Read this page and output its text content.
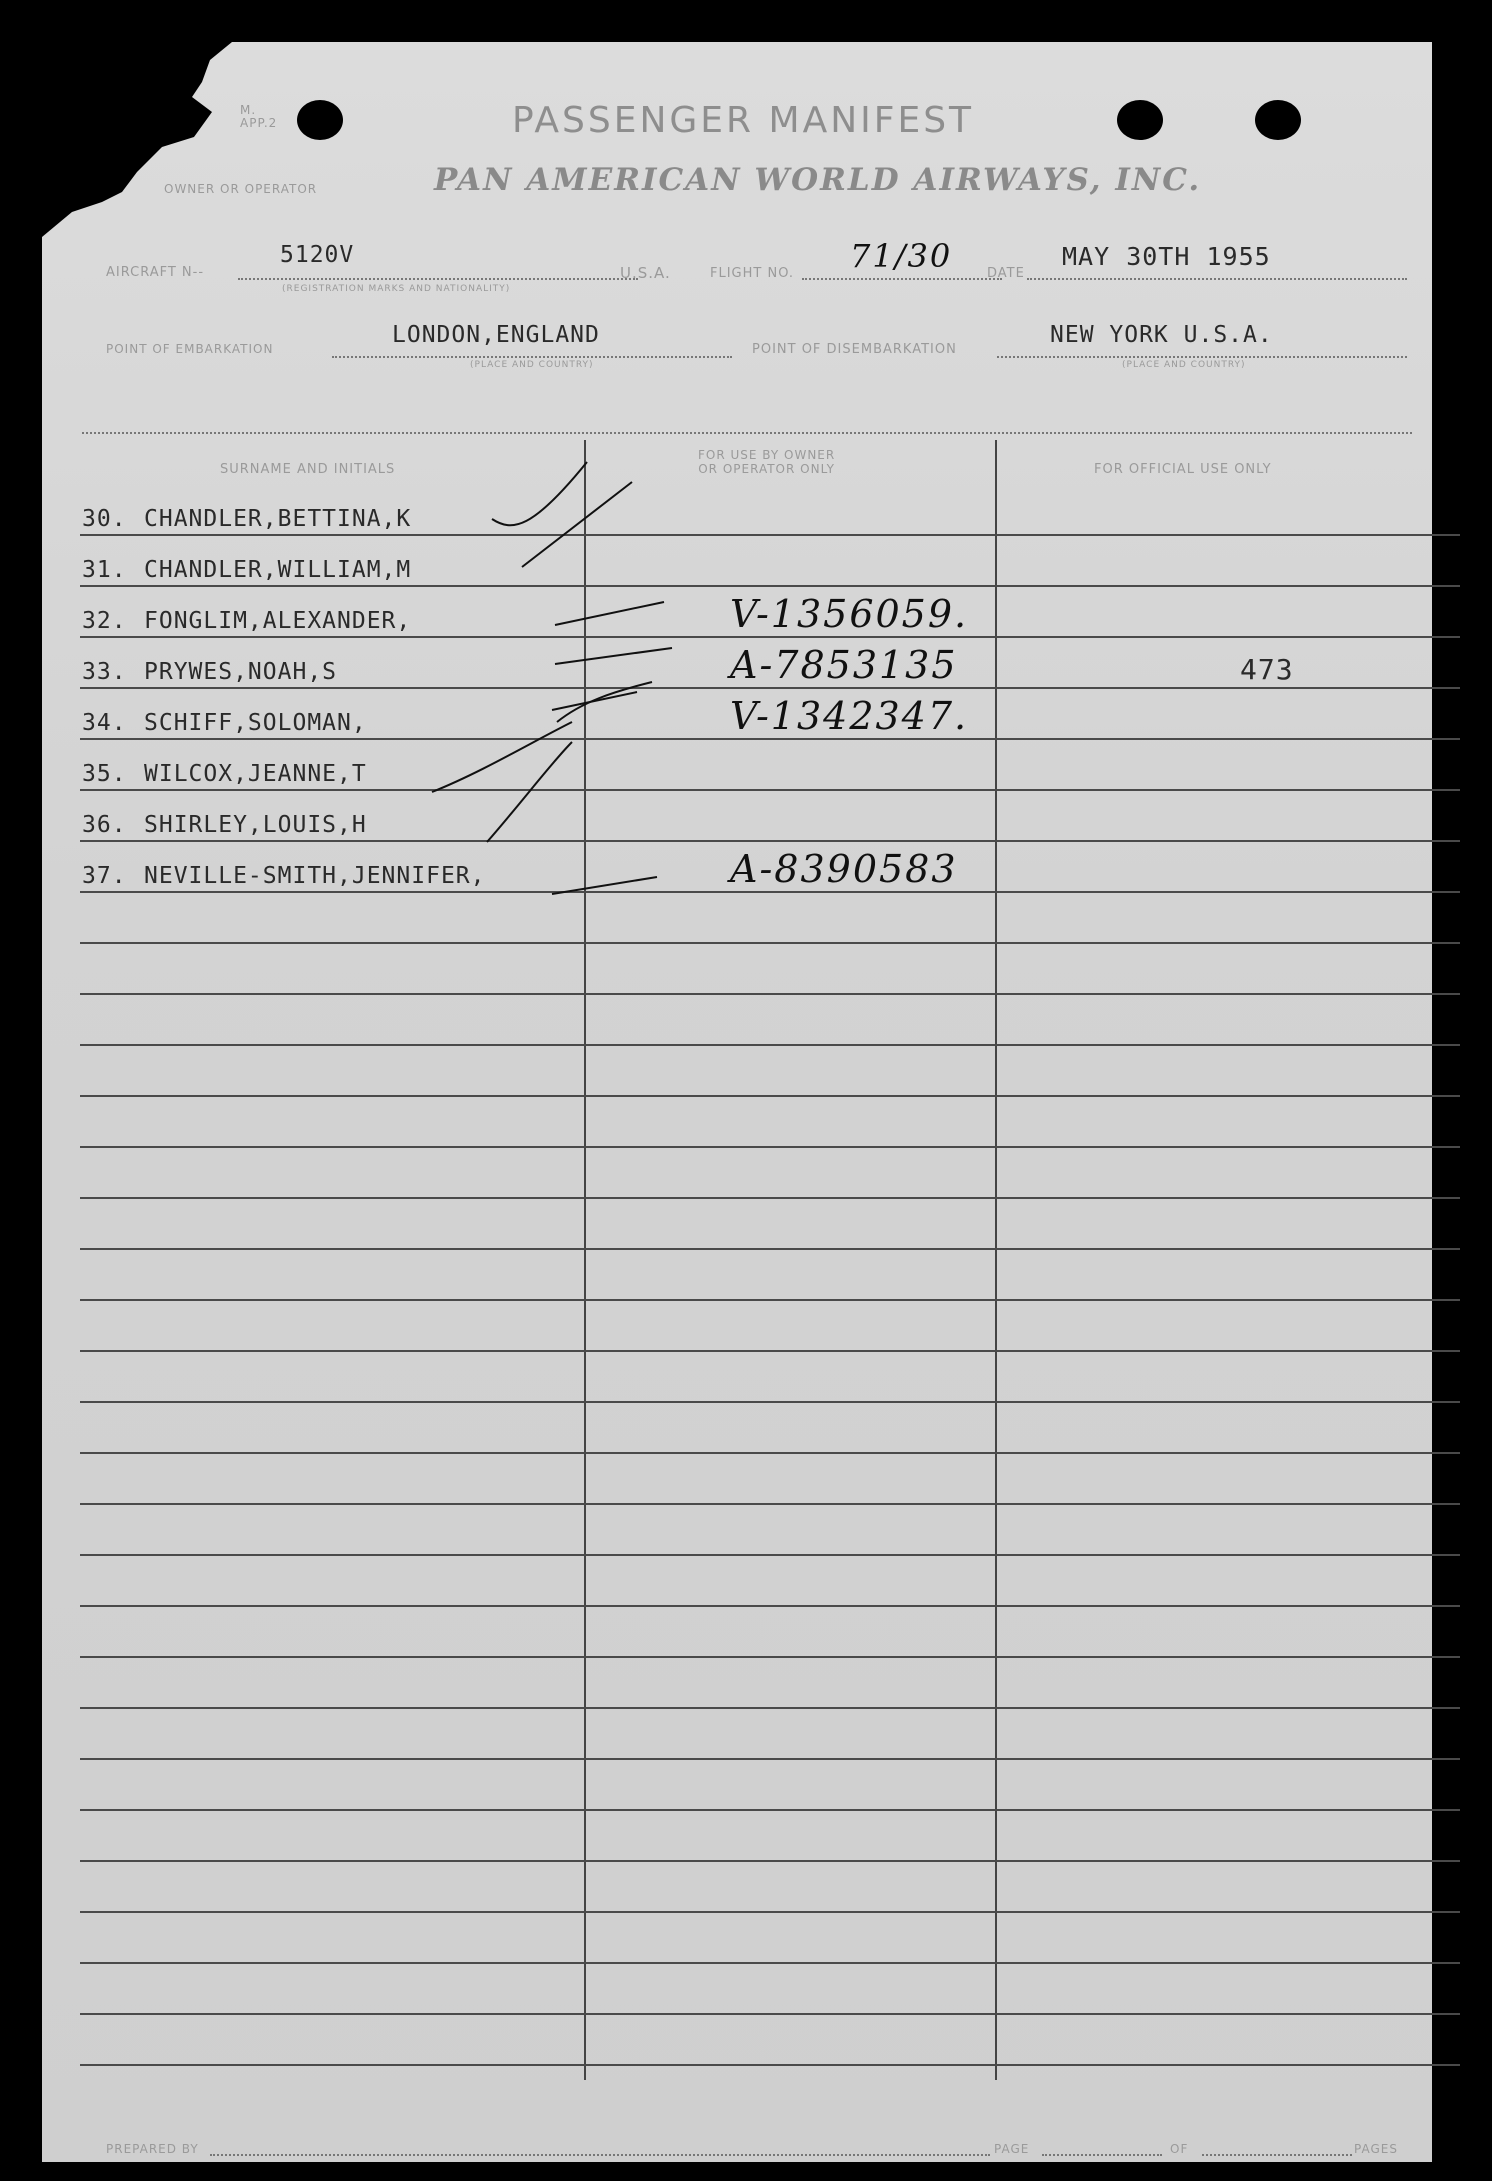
M.
APP.2	PASSENGER MANIFEST
OWNER OR OPERATOR	PAN AMERICAN WORLD AIRWAYS, INC.
AIRCRAFT N--
5120V
(REGISTRATION MARKS AND NATIONALITY)
U.S.A.	FLIGHT NO. 71/30	DATE
MAY 30TH 1955
POINT OF EMBARKATION
LONDON,ENGLAND
(PLACE AND COUNTRY)
POINT OF DISEMBARKATION
NEW YORK U.S.A.
(PLACE AND COUNTRY)
SURNAME AND INITIALS
FOR USE BY OWNER
OR OPERATOR ONLY	FOR OFFICIAL USE ONLY
30. CHANDLER,BETTINA,K
31. CHANDLER,WILLIAM,M
32. FONGLIM,ALEXANDER,	V-1356059.
33. PRYWES,NOAH,S	A-7853135	473
34. SCHIFF,SOLOMAN,	V-1342347.
35. WILCOX,JEANNE,T
36. SHIRLEY,LOUIS,H
37. NEVILLE-SMITH,JENNIFER,	A-8390583
PREPARED BY	PAGE	OF	PAGES
